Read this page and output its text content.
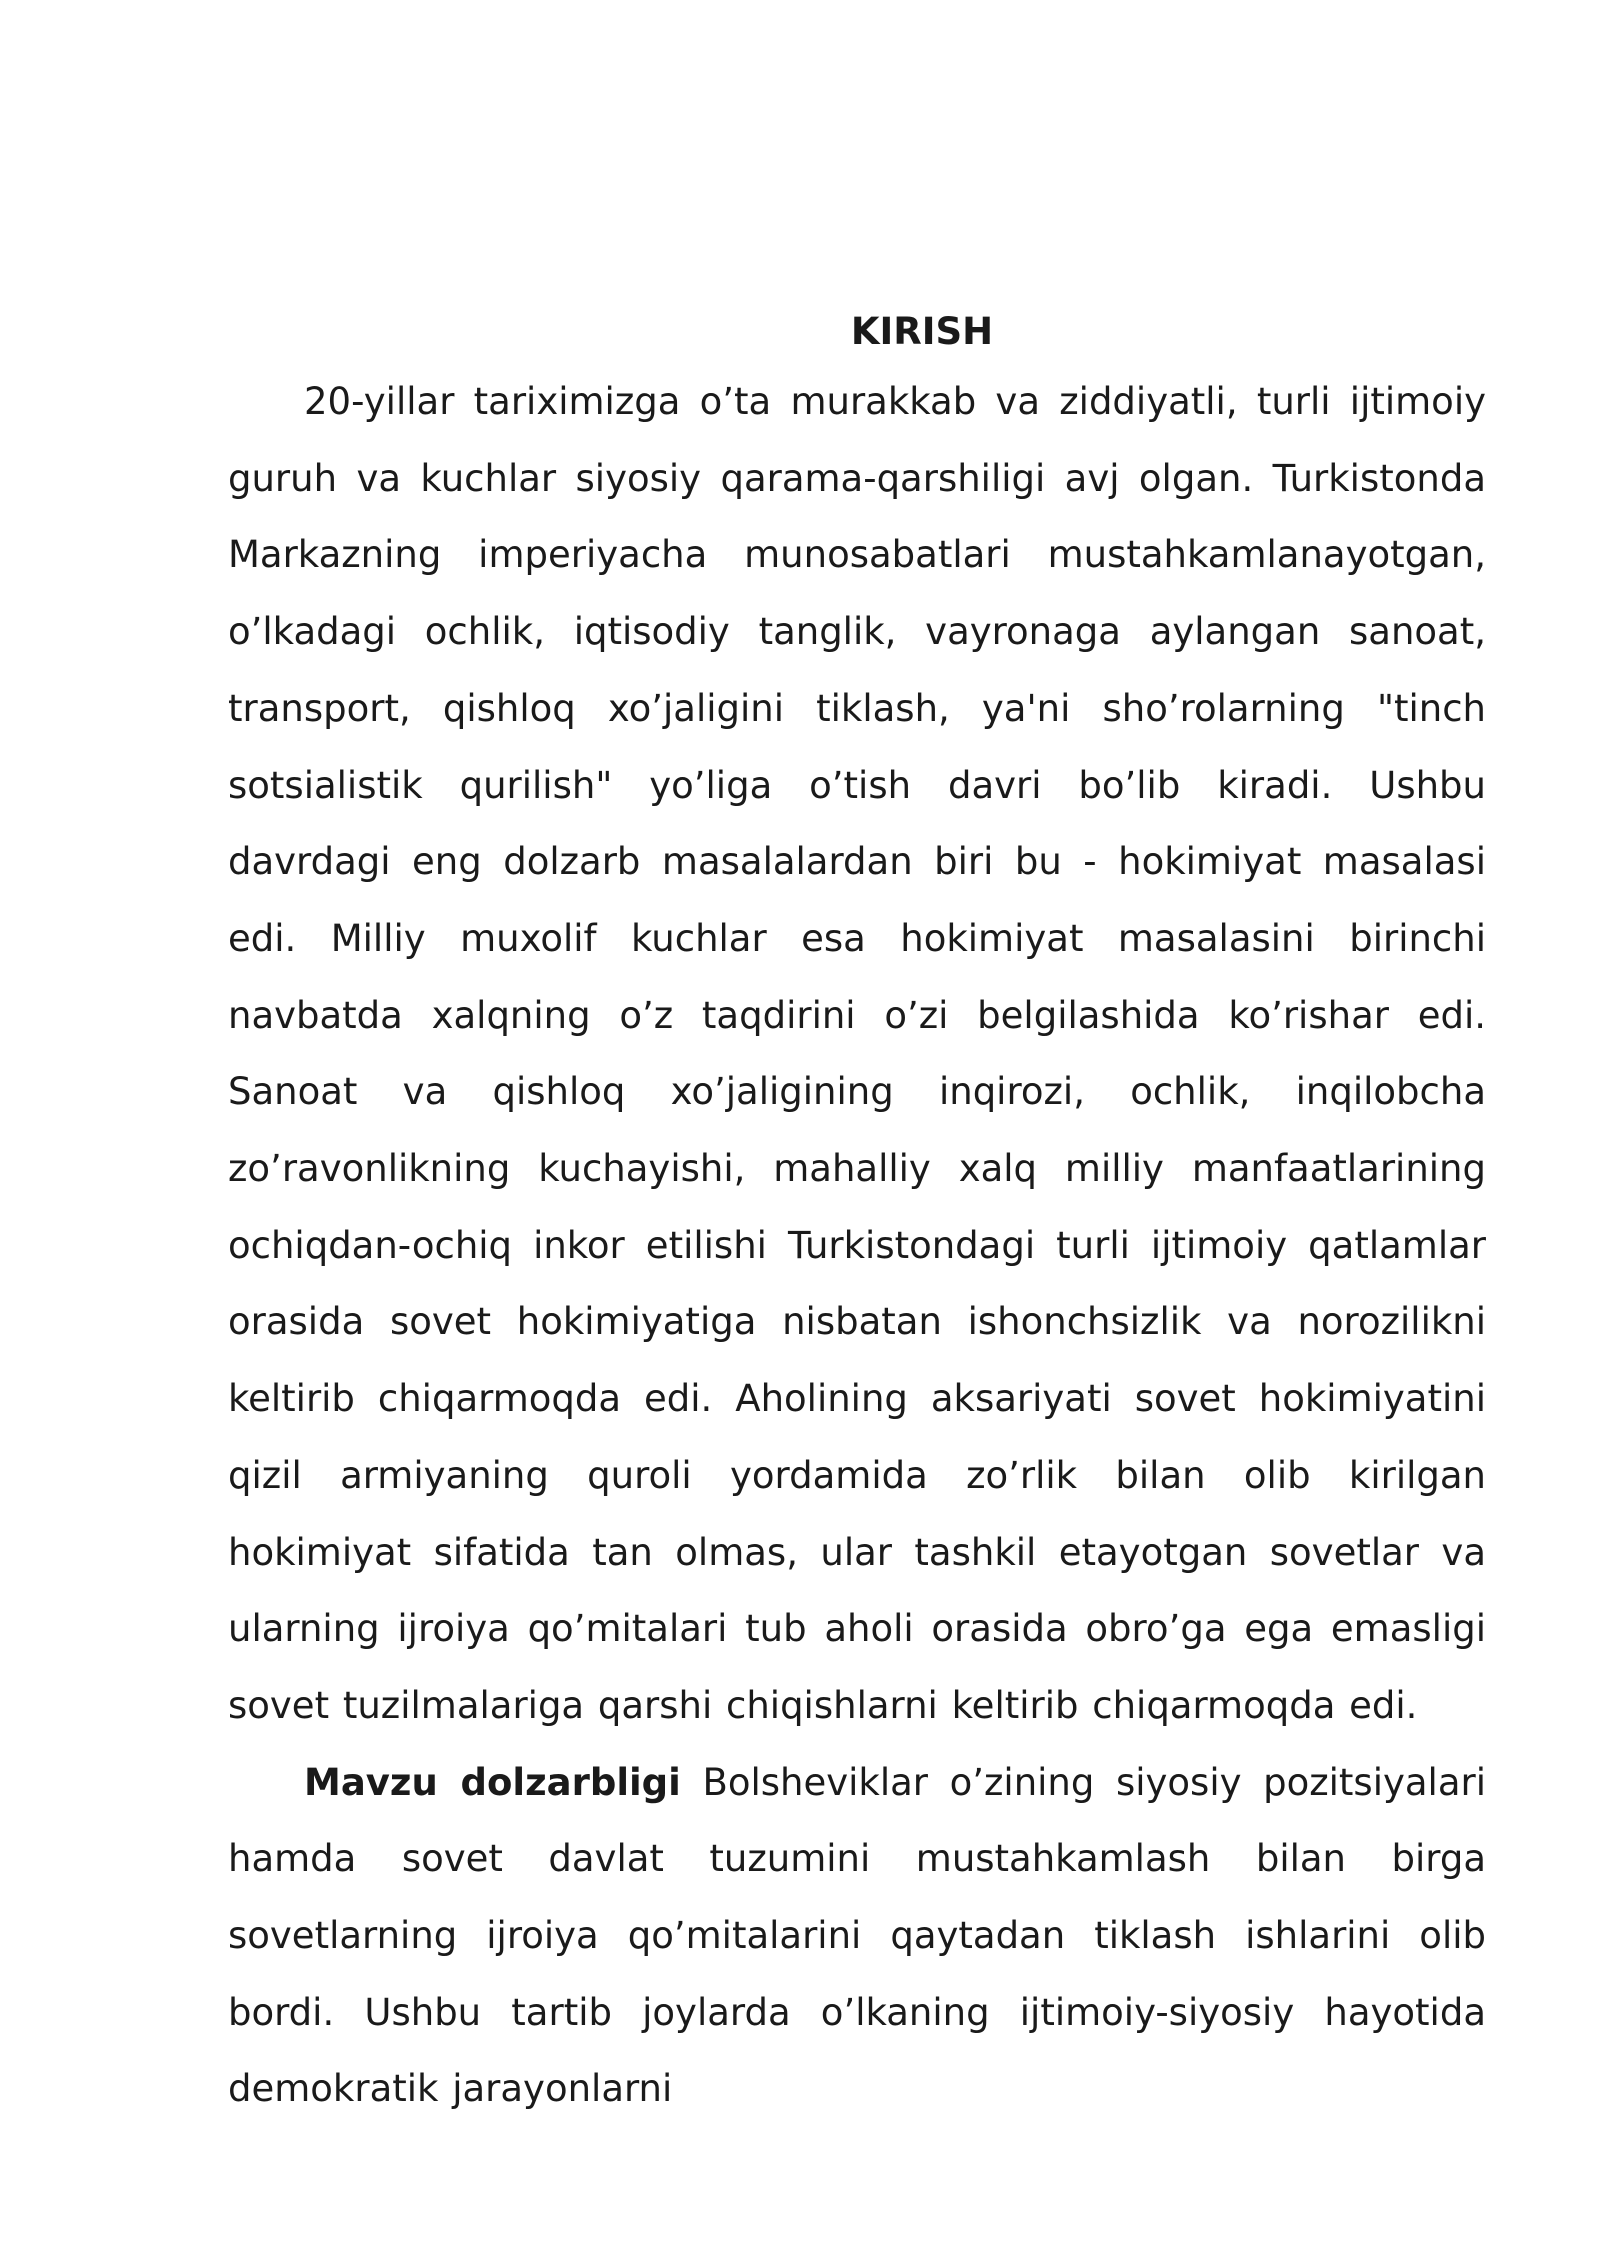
KIRISH

20-yillar tariximizga o’ta murakkab va ziddiyatli, turli ijtimoiy guruh va kuchlar siyosiy qarama-qarshiligi avj olgan. Turkistonda Markazning imperiyacha munosabatlari mustahkamlanayotgan, o’lkadagi ochlik, iqtisodiy tanglik, vayronaga aylangan sanoat, transport, qishloq xo’jaligini tiklash, ya'ni sho’rolarning "tinch sotsialistik qurilish" yo’liga o’tish davri bo’lib kiradi. Ushbu davrdagi eng dolzarb masalalardan biri bu - hokimiyat masalasi edi. Milliy muxolif kuchlar esa hokimiyat masalasini birinchi navbatda xalqning o’z taqdirini o’zi belgilashida ko’rishar edi. Sanoat va qishloq xo’jaligining inqirozi, ochlik, inqilobcha zo’ravonlikning kuchayishi, mahalliy xalq milliy manfaatlarining ochiqdan-ochiq inkor etilishi Turkistondagi turli ijtimoiy qatlamlar orasida sovet hokimiyatiga nisbatan ishonchsizlik va norozilikni keltirib chiqarmoqda edi. Aholining aksariyati sovet hokimiyatini qizil armiyaning quroli yordamida zo’rlik bilan olib kirilgan hokimiyat sifatida tan olmas, ular tashkil etayotgan sovetlar va ularning ijroiya qo’mitalari tub aholi orasida obro’ga ega emasligi sovet tuzilmalariga qarshi chiqishlarni keltirib chiqarmoqda edi.

Mavzu dolzarbligi Bolsheviklar o’zining siyosiy pozitsiyalari hamda sovet davlat tuzumini mustahkamlash bilan birga sovetlarning ijroiya qo’mitalarini qaytadan tiklash ishlarini olib bordi. Ushbu tartib joylarda o’lkaning ijtimoiy-siyosiy hayotida demokratik jarayonlarni
